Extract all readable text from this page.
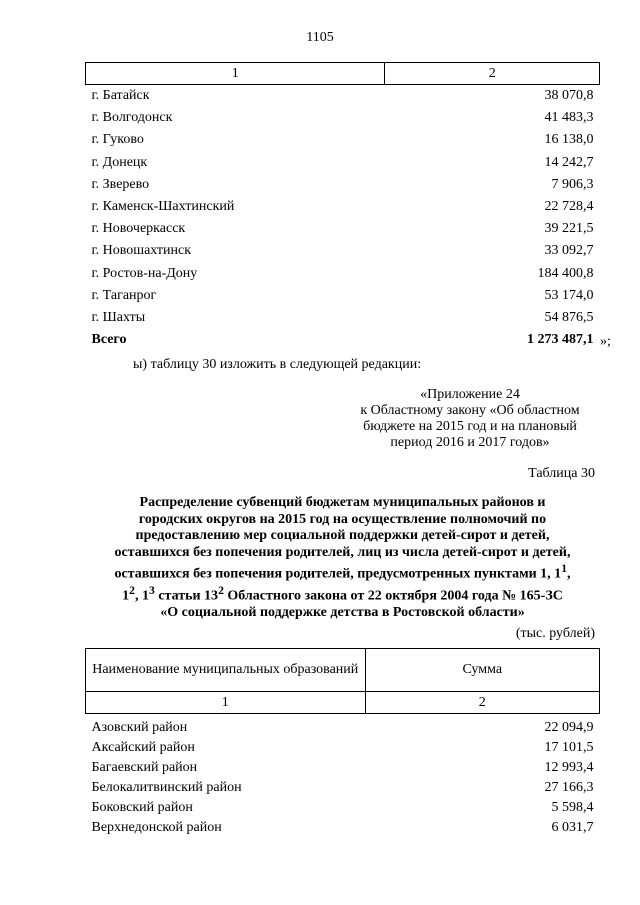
1105
1	2
г. Батайск	38 070,8
г. Волгодонск	41 483,3
г. Гуково	16 138,0
г. Донецк	14 242,7
г. Зверево	7 906,3
г. Каменск-Шахтинский	22 728,4
г. Новочеркасск	39 221,5
г. Новошахтинск	33 092,7
г. Ростов-на-Дону	184 400,8
г. Таганрог	53 174,0
г. Шахты	54 876,5
Всего	1 273 487,1 »;
ы) таблицу 30 изложить в следующей редакции:
«Приложение 24
к Областному закону «Об областном
бюджете на 2015 год и на плановый
период 2016 и 2017 годов»
Таблица 30
Распределение субвенций бюджетам муниципальных районов и
городских округов на 2015 год на осуществление полномочий по
предоставлению мер социальной поддержки детей-сирот и детей,
оставшихся без попечения родителей, лиц из числа детей-сирот и детей,
оставшихся без попечения родителей, предусмотренных пунктами 1, $1^1$,
$1^2$, $1^3$ статьи $13^2$ Областного закона от 22 октября 2004 года № 165-ЗС
«О социальной поддержке детства в Ростовской области»
(тыс. рублей)
Наименование муниципальных образований	Сумма
1	2

Азовский район	22 094,9
Аксайский район	17 101,5
Багаевский район	12 993,4
Белокалитвинский район	27 166,3
Боковский район	5 598,4
Верхнедонской район	6 031,7
